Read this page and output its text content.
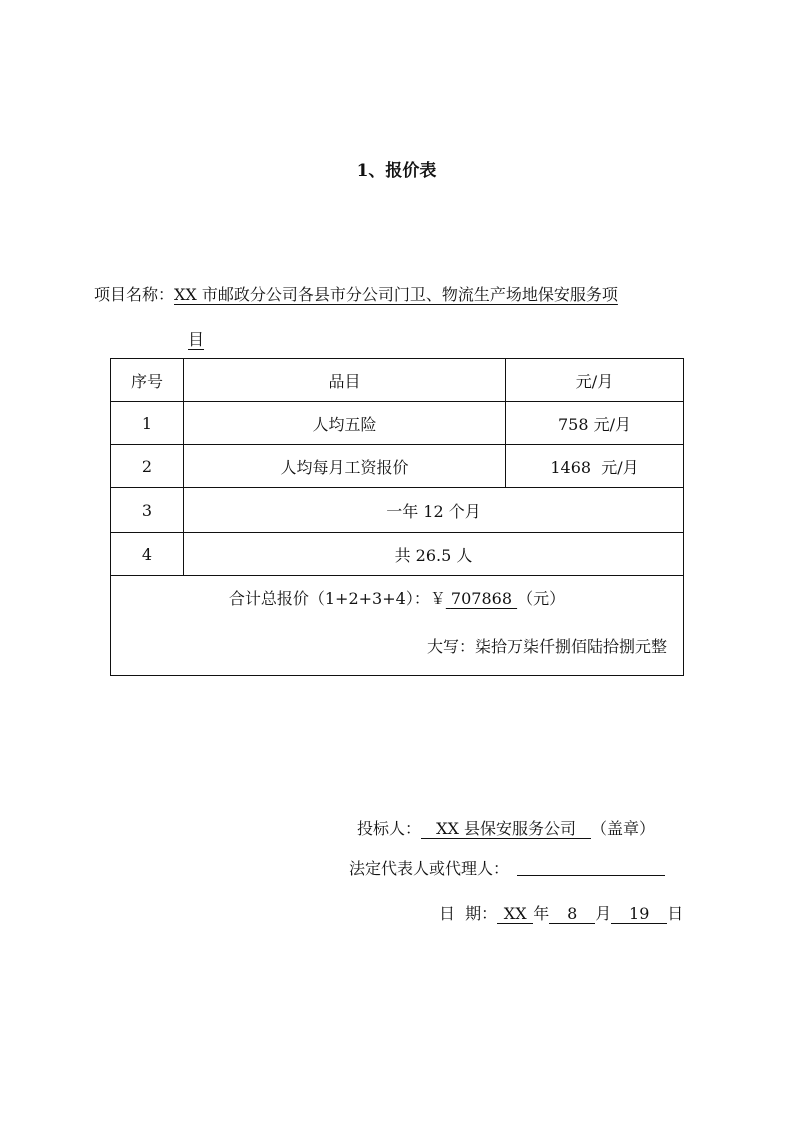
1、报价表
项目名称：XX 市邮政分公司各县市分公司门卫、物流生产场地保安服务项
目
序号	品目	元/月
1	人均五险	758 元/月
2	人均每月工资报价	1468  元/月
3	一年 12 个月	
4	共 26.5 人	

合计总报价（1+2+3+4）：￥ 707868 （元）
大写：柒拾万柒仟捌佰陆拾捌元整		
投标人： XX 县保安服务公司 （盖章）
法定代表人或代理人：
日  期： XX 年 8 月 19 日
